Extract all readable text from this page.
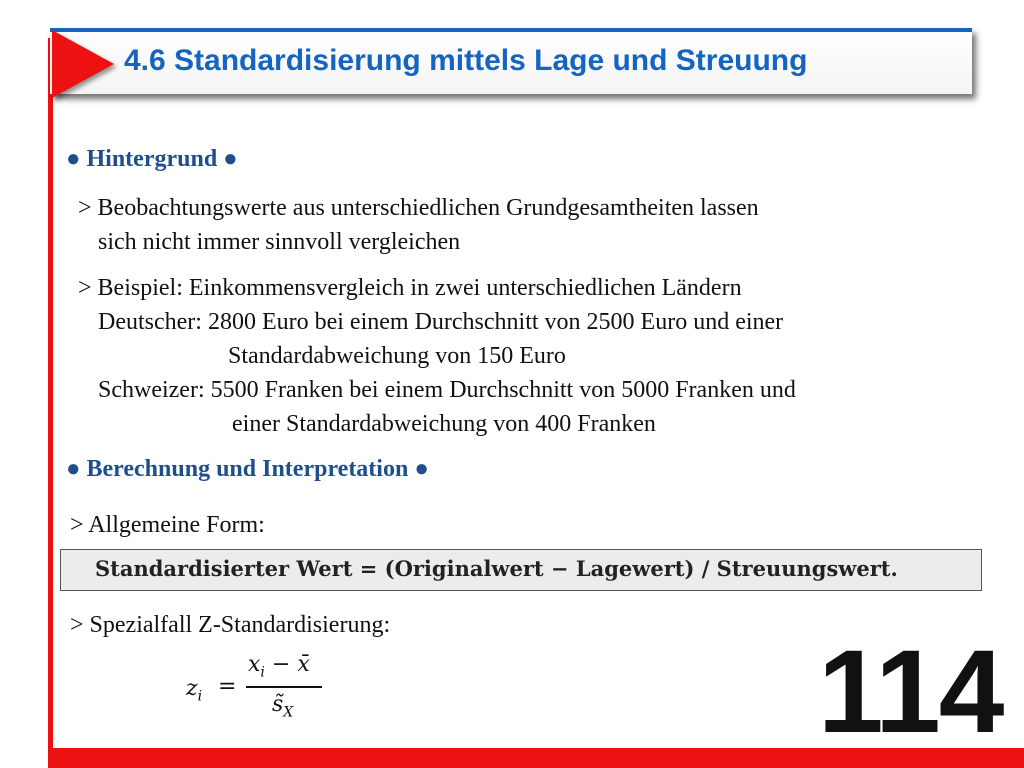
4.6 Standardisierung mittels Lage und Streuung
● Hintergrund ●
> Beobachtungswerte aus unterschiedlichen Grundgesamtheiten lassen
sich nicht immer sinnvoll vergleichen
> Beispiel: Einkommensvergleich in zwei unterschiedlichen Ländern
Deutscher: 2800 Euro bei einem Durchschnitt von 2500 Euro und einer
Standardabweichung von 150 Euro
Schweizer: 5500 Franken bei einem Durchschnitt von 5000 Franken und
einer Standardabweichung von 400 Franken
● Berechnung und Interpretation ●
> Allgemeine Form:
Standardisierter Wert = (Originalwert − Lagewert) / Streuungswert.
> Spezialfall Z-Standardisierung:
$z_i$ =
$x_i$ − x̄
$s̃_X$	114
